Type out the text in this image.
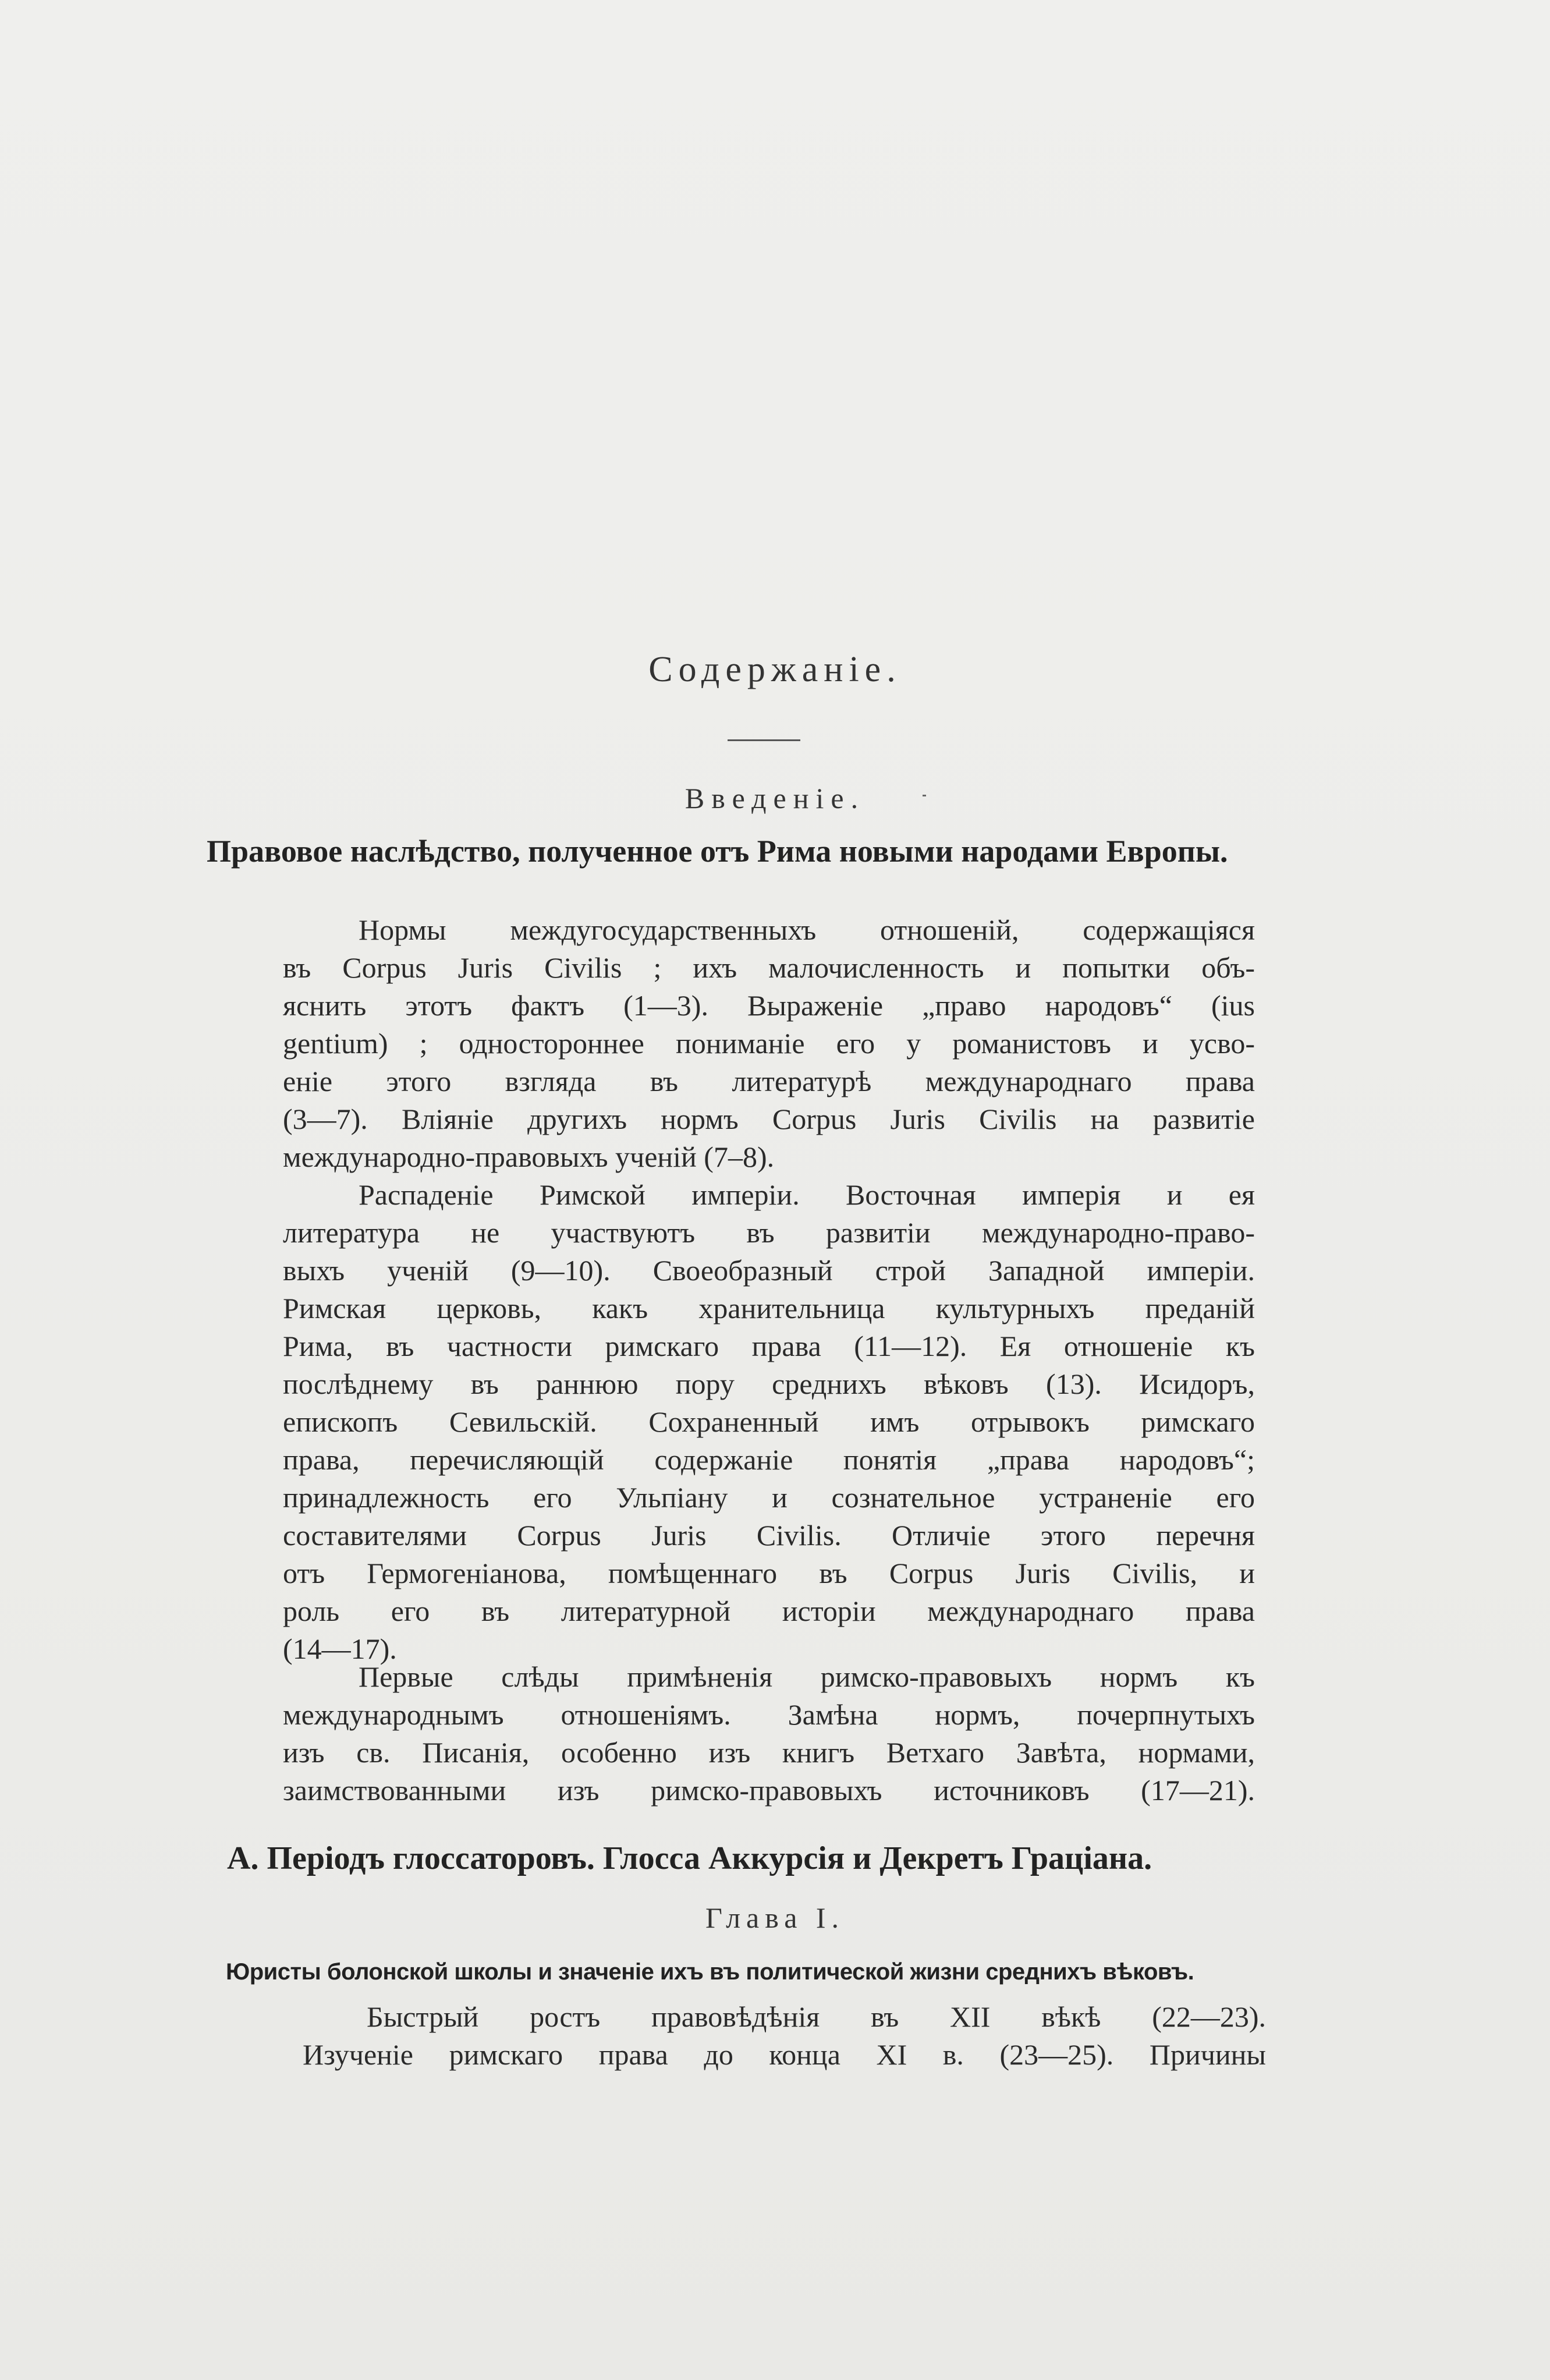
Содержаніе.
Введеніе.
Правовое наслѣдство, полученное отъ Рима новыми народами Европы.
Нормы междугосударственныхъ отношеній, содержащіяся
въ Corpus Juris Civilis ; ихъ малочисленность и попытки объ-
яснить этотъ фактъ (1—3). Выраженіе „право народовъ“ (ius
gentium) ; одностороннее пониманіе его у романистовъ и усво-
еніе этого взгляда въ литературѣ международнаго права
(3—7). Вліяніе другихъ нормъ Corpus Juris Civilis на развитіе
международно-правовыхъ ученій (7–8).
Распаденіе Римской имперіи. Восточная имперія и ея
литература не участвуютъ въ развитіи международно-право-
выхъ ученій (9—10). Своеобразный строй Западной имперіи.
Римская церковь, какъ хранительница культурныхъ преданій
Рима, въ частности римскаго права (11—12). Ея отношеніе къ
послѣднему въ раннюю пору среднихъ вѣковъ (13). Исидоръ,
епископъ Севильскій. Сохраненный имъ отрывокъ римскаго
права, перечисляющій содержаніе понятія „права народовъ“;
принадлежность его Ульпіану и сознательное устраненіе его
составителями Corpus Juris Civilis. Отличіе этого перечня
отъ Гермогеніанова, помѣщеннаго въ Corpus Juris Civilis, и
роль его въ литературной исторіи международнаго права
(14—17).
Первые слѣды примѣненія римско-правовыхъ нормъ къ
международнымъ отношеніямъ. Замѣна нормъ, почерпнутыхъ
изъ св. Писанія, особенно изъ книгъ Ветхаго Завѣта, нормами,
заимствованными изъ римско-правовыхъ источниковъ (17—21).
А. Періодъ глоссаторовъ. Глосса Аккурсія и Декретъ Граціана.
Глава I.
Юристы болонской школы и значеніе ихъ въ политической жизни среднихъ вѣковъ.
Быстрый ростъ правовѣдѣнія въ XII вѣкѣ (22—23).
Изученіе римскаго права до конца XI в. (23—25). Причины
